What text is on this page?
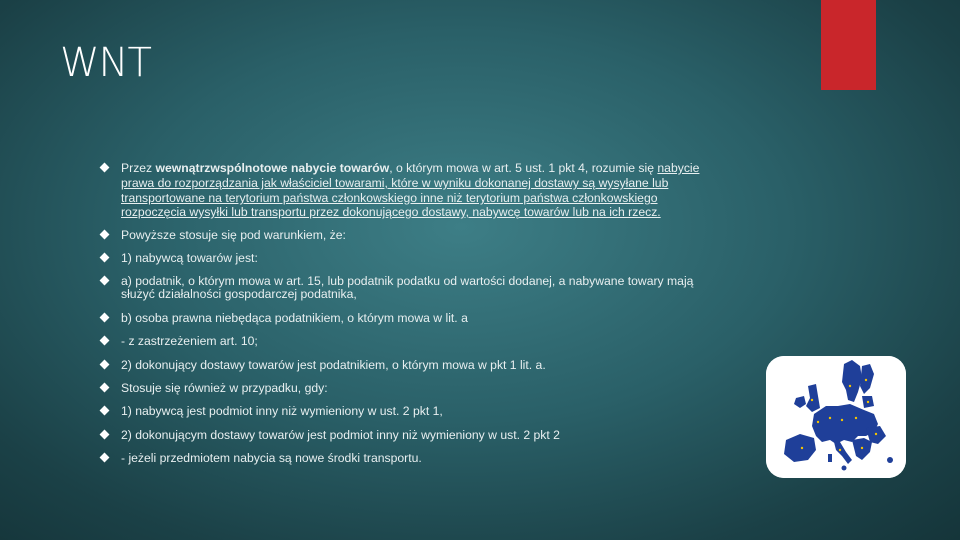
WNT
Przez wewnątrzwspólnotowe nabycie towarów, o którym mowa w art. 5 ust. 1 pkt 4, rozumie się nabycie
prawa do rozporządzania jak właściciel towarami, które w wyniku dokonanej dostawy są wysyłane lub
transportowane na terytorium państwa członkowskiego inne niż terytorium państwa członkowskiego
rozpoczęcia wysyłki lub transportu przez dokonującego dostawy, nabywcę towarów lub na ich rzecz.
Powyższe stosuje się pod warunkiem, że:
1) nabywcą towarów jest:
a) podatnik, o którym mowa w art. 15, lub podatnik podatku od wartości dodanej, a nabywane towary mają
służyć działalności gospodarczej podatnika,
b) osoba prawna niebędąca podatnikiem, o którym mowa w lit. a
- z zastrzeżeniem art. 10;
2) dokonujący dostawy towarów jest podatnikiem, o którym mowa w pkt 1 lit. a.
Stosuje się również w przypadku, gdy:
1) nabywcą jest podmiot inny niż wymieniony w ust. 2 pkt 1,
2) dokonującym dostawy towarów jest podmiot inny niż wymieniony w ust. 2 pkt 2
- jeżeli przedmiotem nabycia są nowe środki transportu.
